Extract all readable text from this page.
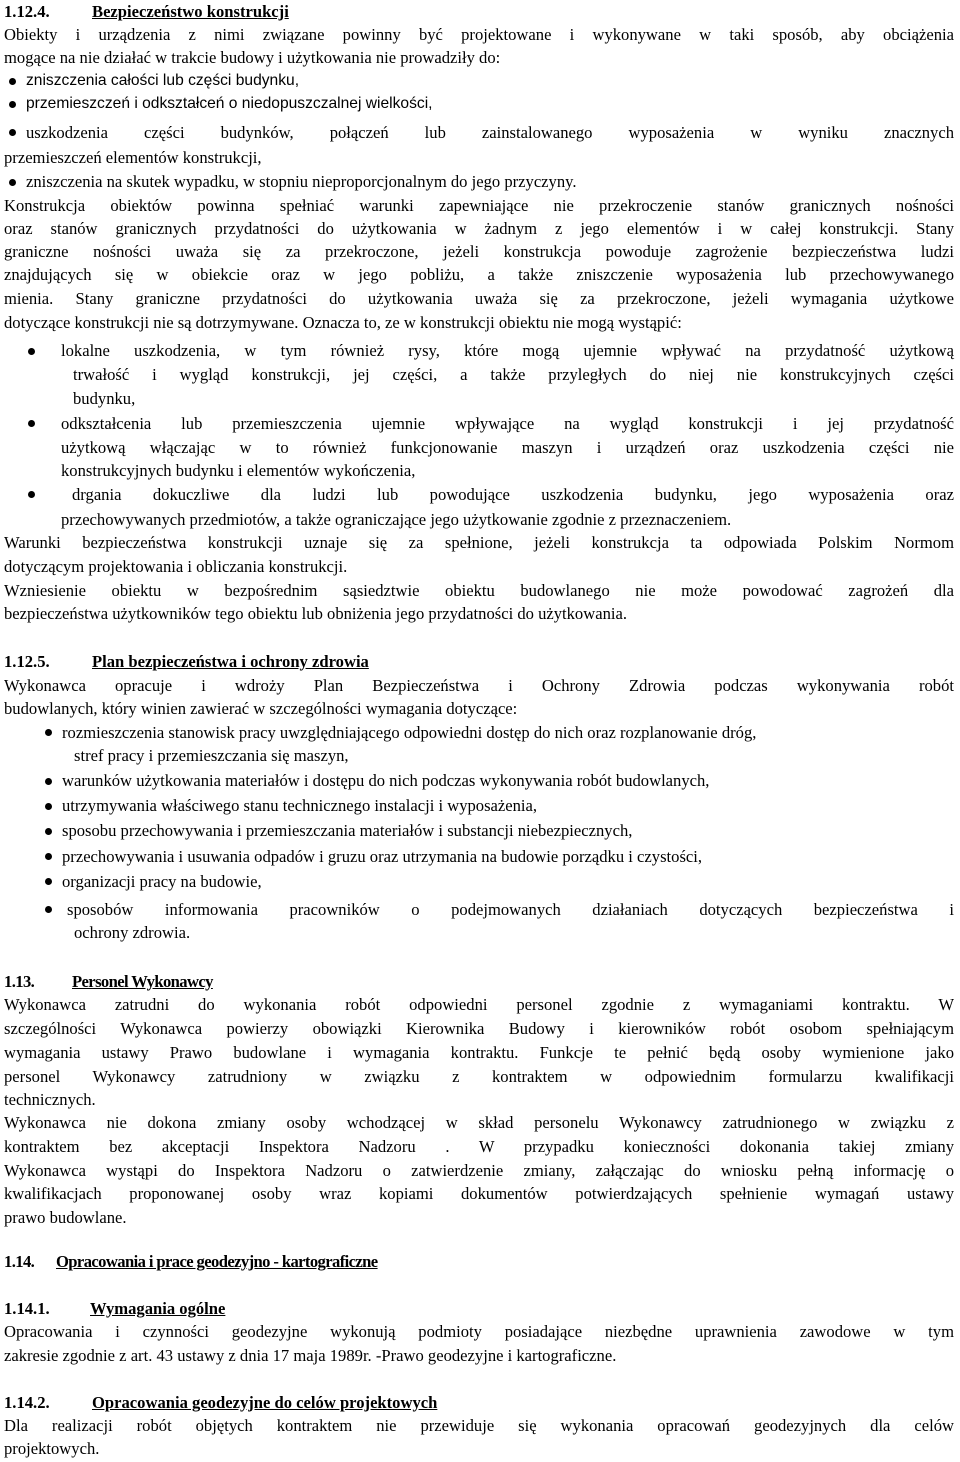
1.12.4.	Bezpieczeństwo konstrukcji
Obiekty i urządzenia z nimi związane powinny być projektowane i wykonywane w taki sposób, aby obciążenia
mogące na nie działać w trakcie budowy i użytkowania nie prowadziły do:
zniszczenia całości lub części budynku,
przemieszczeń i odkształceń o niedopuszczalnej wielkości,
uszkodzenia części budynków, połączeń lub zainstalowanego wyposażenia w wyniku znacznych
przemieszczeń elementów konstrukcji,
zniszczenia na skutek wypadku, w stopniu nieproporcjonalnym do jego przyczyny.
Konstrukcja obiektów powinna spełniać warunki zapewniające nie przekroczenie stanów granicznych nośności
oraz stanów granicznych przydatności do użytkowania w żadnym z jego elementów i w całej konstrukcji. Stany
graniczne nośności uważa się za przekroczone, jeżeli konstrukcja powoduje zagrożenie bezpieczeństwa ludzi
znajdujących się w obiekcie oraz w jego pobliżu, a także zniszczenie wyposażenia lub przechowywanego
mienia. Stany graniczne przydatności do użytkowania uważa się za przekroczone, jeżeli wymagania użytkowe
dotyczące konstrukcji nie są dotrzymywane. Oznacza to, ze w konstrukcji obiektu nie mogą wystąpić:
lokalne uszkodzenia, w tym również rysy, które mogą ujemnie wpływać na przydatność użytkową
trwałość i wygląd konstrukcji, jej części, a także przyległych do niej nie konstrukcyjnych części
budynku,
odkształcenia lub przemieszczenia ujemnie wpływające na wygląd konstrukcji i jej przydatność
użytkową włączając w to również funkcjonowanie maszyn i urządzeń oraz uszkodzenia części nie
konstrukcyjnych budynku i elementów wykończenia,
drgania dokuczliwe dla ludzi lub powodujące uszkodzenia budynku, jego wyposażenia oraz
przechowywanych przedmiotów, a także ograniczające jego użytkowanie zgodnie z przeznaczeniem.
Warunki bezpieczeństwa konstrukcji uznaje się za spełnione, jeżeli konstrukcja ta odpowiada Polskim Normom
dotyczącym projektowania i obliczania konstrukcji.
Wzniesienie obiektu w bezpośrednim sąsiedztwie obiektu budowlanego nie może powodować zagrożeń dla
bezpieczeństwa użytkowników tego obiektu lub obniżenia jego przydatności do użytkowania.
1.12.5.	Plan bezpieczeństwa i ochrony zdrowia
Wykonawca opracuje i wdroży Plan Bezpieczeństwa i Ochrony Zdrowia podczas wykonywania robót
budowlanych, który winien zawierać w szczególności wymagania dotyczące:
rozmieszczenia stanowisk pracy uwzględniającego odpowiedni dostęp do nich oraz rozplanowanie dróg,
stref pracy i przemieszczania się maszyn,
warunków użytkowania materiałów i dostępu do nich podczas wykonywania robót budowlanych,
utrzymywania właściwego stanu technicznego instalacji i wyposażenia,
sposobu przechowywania i przemieszczania materiałów i substancji niebezpiecznych,
przechowywania i usuwania odpadów i gruzu oraz utrzymania na budowie porządku i czystości,
organizacji pracy na budowie,
sposobów informowania pracowników o podejmowanych działaniach dotyczących bezpieczeństwa i
ochrony zdrowia.
1.13. Personel Wykonawcy
Wykonawca zatrudni do wykonania robót odpowiedni personel zgodnie z wymaganiami kontraktu. W
szczególności Wykonawca powierzy obowiązki Kierownika Budowy i kierowników robót osobom spełniającym
wymagania ustawy Prawo budowlane i wymagania kontraktu. Funkcje te pełnić będą osoby wymienione jako
personel Wykonawcy zatrudniony w związku z kontraktem w odpowiednim formularzu kwalifikacji
technicznych.
Wykonawca nie dokona zmiany osoby wchodzącej w skład personelu Wykonawcy zatrudnionego w związku z
kontraktem bez akceptacji Inspektora Nadzoru . W przypadku konieczności dokonania takiej zmiany
Wykonawca wystąpi do Inspektora Nadzoru o zatwierdzenie zmiany, załączając do wniosku pełną informację o
kwalifikacjach proponowanej osoby wraz kopiami dokumentów potwierdzających spełnienie wymagań ustawy
prawo budowlane.
1.14. Opracowania i prace geodezyjno - kartograficzne
1.14.1. Wymagania ogólne
Opracowania i czynności geodezyjne wykonują podmioty posiadające niezbędne uprawnienia zawodowe w tym
zakresie zgodnie z art. 43 ustawy z dnia 17 maja 1989r. -Prawo geodezyjne i kartograficzne.
1.14.2.	Opracowania geodezyjne do celów projektowych
Dla realizacji robót objętych kontraktem nie przewiduje się wykonania opracowań geodezyjnych dla celów
projektowych.
